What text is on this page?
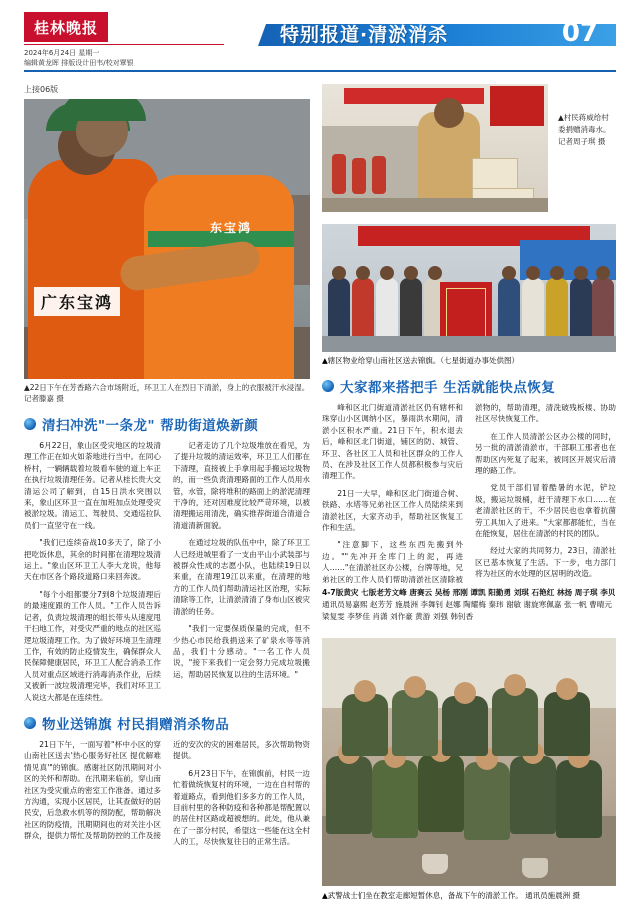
桂林晚报
2024年6月24日 星期一
编辑黄龙晖 排版设计田韦/校对覃银
特别报道·清淤消杀	07
上接06版
东宝鸿
广东宝鸿
▲22日下午在芳香路六合市场附近，环卫工人在烈日下清淤，身上的衣服被汗水浸湿。 记者滕嘉 摄
清扫冲洗"一条龙" 帮助街道焕新颜

6月22日，象山区受灾地区的垃圾清理工作正在如火如荼地进行当中。在同心桥村，一辆辆载着垃圾看车驶的道上车正在执行垃圾清理任务。记者从桂长贵大交清运公司了解到，自15日洪水突围以来，象山区环卫一直在加班加点处理受灾被淤垃圾。清运工、驾驶员、交通巡拉队员们一直坚守在一线。

"我们已连续奋战10多天了，除了小把吃饭休息，其余的时间都在清理垃圾清运上。"象山区环卫工人李大龙说，他每天在市区各个路段道路口来回奔波。

"每个小组都要分7到8个垃圾清理后的最速度跟的工作人员。"工作人员告诉记者，负责垃圾清理的组长带头从速度甩干扫地工作，对受灾严重的地点的社区巡逻垃圾清理工作。为了做好环境卫生清理工作，有效的防止疫情发生，确保群众人民保障健康居民，环卫工人配合消杀工作人员对重点区域进行消毒消杀作业，后续又被新一波垃圾清理完毕，我们对环卫工人说这大都是在连续性。

记者走访了几个垃圾堆放在看见，为了提升垃圾的清运效率，环卫工人们都在下清理，直接被上手拿用起手搬运垃圾物的，而一些负责清理路面的工作人员用水管，水管，除将堆积的路面上的淤泥清理干净的，还对因难度比较严苛环境，以被清理搬运用清洗，确实推荐街道合清道合清道清新面貌。

在通过垃圾的队伍中中，除了环卫工人已经进城里看了一支由平山小武装部与被群众性成的志愿小队，也陆续19日以来重，在清理19江以来重，在清理的地方的工作人员们帮助清运社区治理，实际清除等工作，让清淤清清了身布山区被灾清淤的任务。

"我们一定要保质保量的完成，但不少热心市民给我捐送来了矿泉水等等消品，我们十分感动。"一名工作人员说，"接下来我们一定会努力完成垃圾搬运，帮助居民恢复以往的生活环境。"

物业送锦旗 村民捐赠消杀物品

21日下午，一面写着"杯中小区的穿山南社区送去'热心服务好社区 提优解难情见真'"的锦旗。感谢社区防汛期间对小区的关怀和帮助。在汛期来临前，穿山南社区为受灾重点的密室工作准备。通过多方沟通，实现小区居民，让其查做好的居民安，后急救水机等的预防配，帮助解决社区的防疫情，汛期期间也的对关注小区群众，提供力帮忙及帮助防控的工作及接近的安次的灾的困难居民，多次帮助物资提供。

6月23日下午，在锦旗前，村民一边忙着做统恢复村的环境，一边在自村帮的着道路点，看到他们多多方的工作人员，目前村里的各种防疫和各种都是帮配置以的居住村区路或超被想的。此处，他从兼在了一部分村民，希望这一些能在这全村人的工，尽快恢复往日的正常生活。

▲村民蒋威给村委捐赠消毒水。 记者周子琪 摄
▲辖区物业给穿山南社区送去锦旗。（七星街道办事处供图）
大家都来搭把手 生活就能快点恢复

峰和区北门街道清淤社区仍有辖杯和珠穿山小区调纳小区，暴雨洪水期间，清淤小区积水严重。21日下午，积水退去后，峰和区北门街道，铺区的防、城管、环卫、各社区工人员和社区群众的工作人员、在涉及社区工作人员都积极参与灾后清理工作。

21日一大早，峰和区北门街道合树、铁路、水塔等兄弟社区工作人员陆续来到清淤社区，大家齐动手，帮助社区恢复工作和生活。

"注意脚下，这些东西先搬到外边。""先冲开全库门上的泥，再进人……"在清淤社区办公楼，台牌等地，兄弟社区的工作人员们帮助清淤社区清除被淤物的，帮助清理，清洗破残板楼、协助社区尽快恢复工作。

在工作人员清淤公区办公楼的同时，另一批的清淤清淤市，干部职工那者也在帮助区内死复了起来，被同区开展灾后清理的路工作。

党员干部们冒着酷暑的水泥，铲垃圾，搬运垃圾桶，赶干清理下水口……在老清淤社区的干，不少居民也也拿着抗菌劳工具加入了进来。"大家都都能忙，当在在能恢复，居住在清淤的村民的团队。

经过大家的共同努力，23日，清淤社区已基本恢复了生活。下一步，电力部门将为社区的水处理的区居明的改造。

4-7版黄灾 七版老芳文峰 唐赛云 吴杨 邢刚 谭凯 阳勤勇 刘琪 石艳红 林扬 周子琪 李贝
通讯员易嘉熙 赵芳芳 施晨洲 李舞钊 赵娜 陶耀梅 秦玮 谢敏 谢旋寒佩嘉 张一帆 曹晴元 梁复雯 李梦佳 肖潇 刘作豪 黄游 刘强 韩钊香
▲武警战士们坐在教室走廊短暂休息，备战下午的清淤工作。 通讯员施晨洲 摄
